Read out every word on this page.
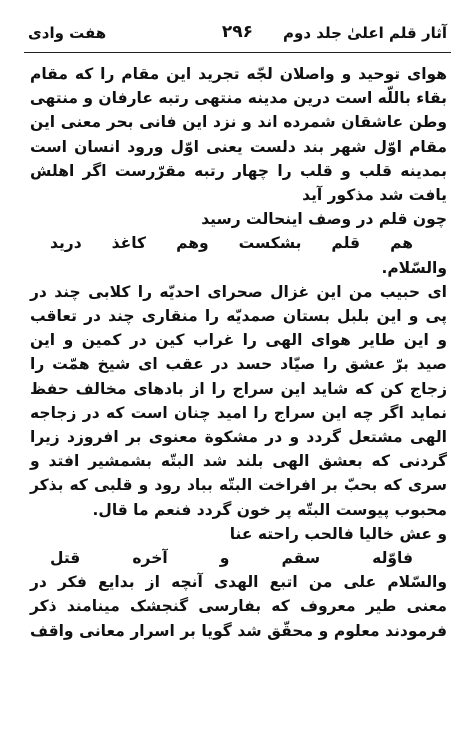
آثار قلم اعلیٰ جلد دوم
۲۹۶
هفت وادی
هوای توحید و واصلان لجّه تجرید این مقام را که مقام
بقاء باللّه است درین مدینه منتهی رتبه عارفان و منتهی
وطن عاشقان شمرده اند و نزد این فانی بحر معنی این
مقام اوّل شهر بند دلست یعنی اوّل ورود انسان است
بمدینه قلب و قلب را چهار رتبه مقرّرست اگر اهلش
یافت شد مذکور آید
چون قلم در وصف اینحالت رسید
هم قلم بشکست وهم کاغذ درید
والسّلام.
ای حبیب من این غزال صحرای احدیّه را کلابی چند در
پی و این بلبل بستان صمدیّه را منقاری چند در تعاقب
و این طایر هوای الهی را غراب کین در کمین و این
صید برّ عشق را صیّاد حسد در عقب ای شیخ همّت را
زجاج کن که شاید این سراج را از بادهای مخالف حفظ
نماید اگر چه این سراج را امید چنان است که در زجاجه
الهی مشتعل گردد و در مشکوة معنوی بر افروزد زیرا
گردنی که بعشق الهی بلند شد البتّه بشمشیر افتد و
سری که بحبّ بر افراخت البتّه بباد رود و قلبی که بذکر
محبوب پیوست البتّه پر خون گردد فنعم ما قال.
و عش خالیا فالحب راحته عنا
فاوّله سقم و آخره قتل
والسّلام علی من اتبع الهدی آنچه از بدایع فکر در
معنی طیر معروف که بفارسی گنجشک مینامند ذکر
فرمودند معلوم و محقّق شد گویا بر اسرار معانی واقف
